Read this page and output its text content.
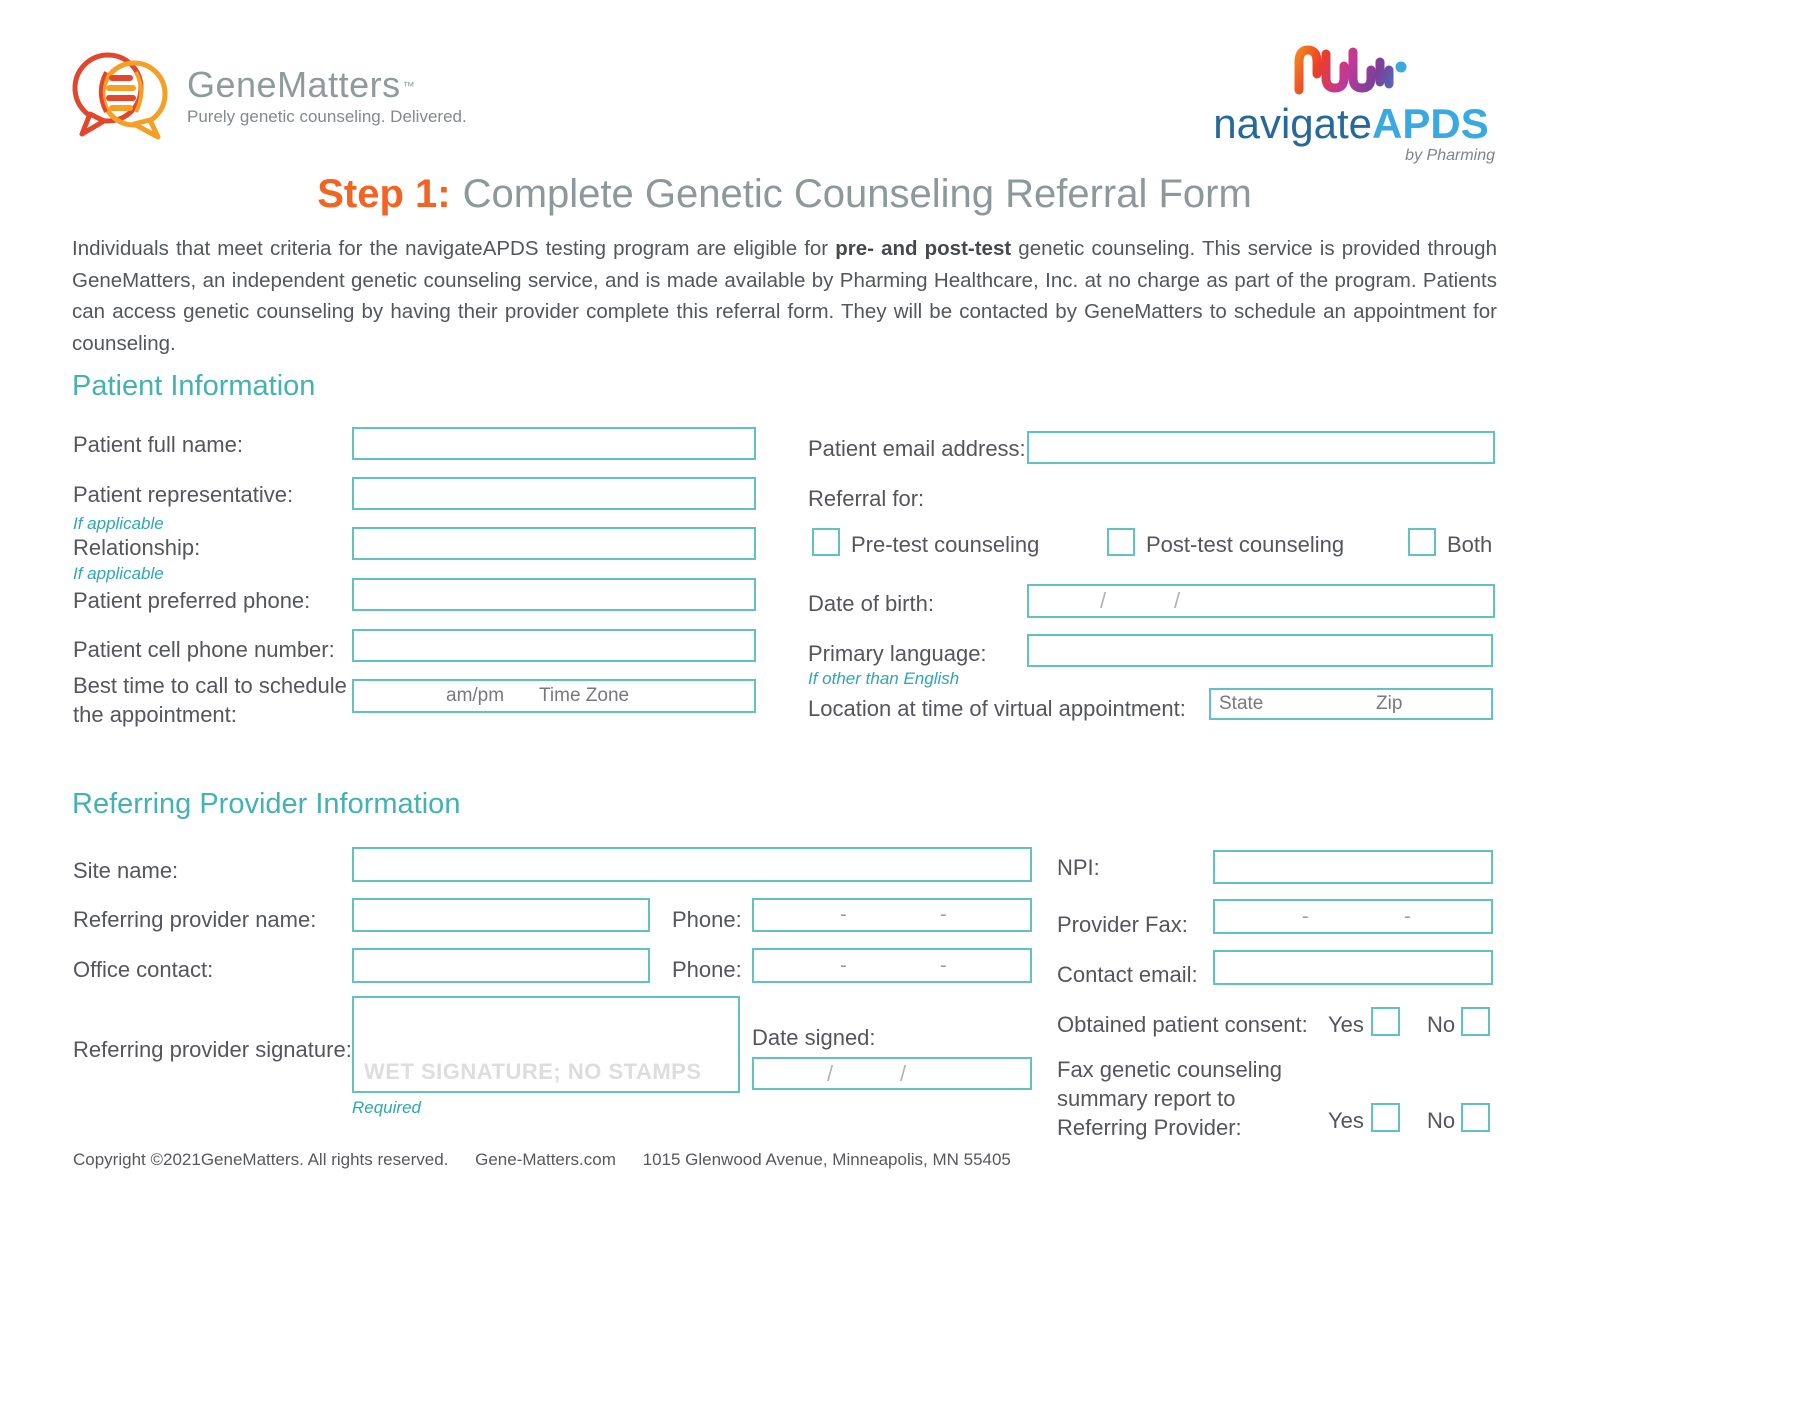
GeneMatters ™
Purely genetic counseling. Delivered.	navigateAPDS
by Pharming
Step 1: Complete Genetic Counseling Referral Form
Individuals that meet criteria for the navigateAPDS testing program are eligible for pre- and post-test genetic counseling. This service is provided through GeneMatters, an independent genetic counseling service, and is made available by Pharming Healthcare, Inc. at no charge as part of the program. Patients can access genetic counseling by having their provider complete this referral form. They will be contacted by GeneMatters to schedule an appointment for counseling.
Patient Information
Patient full name:
Patient representative:
If applicable
Relationship:
If applicable
Patient preferred phone:
Patient cell phone number:
Best time to call to schedule the appointment:
am/pm Time Zone
Patient email address:
Referral for:
Pre-test counseling	Post-test counseling	Both
Date of birth:	/	/
Primary language:
If other than English
Location at time of virtual appointment: State	Zip
Referring Provider Information
Site name:
Referring provider name:	Phone:	-	-
Office contact:	Phone:	-	-
Referring provider signature:
WET SIGNATURE; NO STAMPS
Required
Date signed:
/	/
NPI:
Provider Fax:	-	-
Contact email:
Obtained patient consent: Yes	No
Fax genetic counseling
summary report to
Referring Provider:	Yes	No
Copyright ©2021GeneMatters. All rights reserved. Gene-Matters.com 1015 Glenwood Avenue, Minneapolis, MN 55405
